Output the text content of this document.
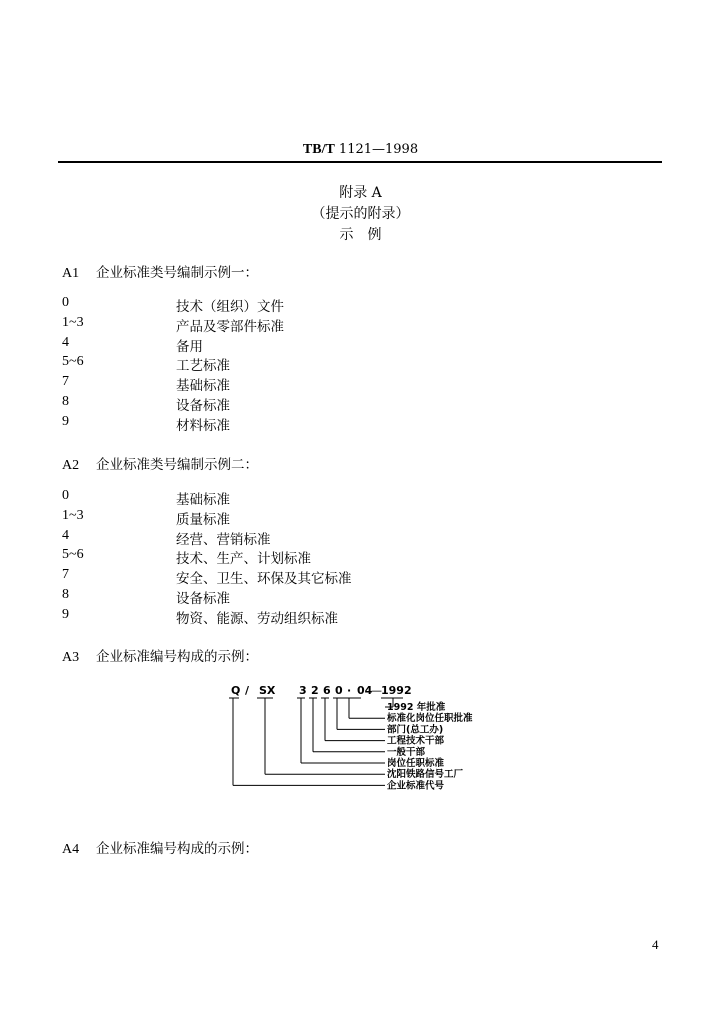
TB/T 1121—1998
附录 A
（提示的附录）
示　例
A1 企业标准类号编制示例一：
0	技术（组织）文件
1~3	产品及零部件标准
4	备用
5~6	工艺标准
7	基础标准
8	设备标准
9	材料标准
A2 企业标准类号编制示例二：
0	基础标准
1~3	质量标准
4	经营、营销标准
5~6	技术、生产、计划标准
7	安全、卫生、环保及其它标准
8	设备标准
9	物资、能源、劳动组织标准
A3 企业标准编号构成的示例：
Q / SX 3 2 6 0 · 04
— 1992
1992 年批准
标准化岗位任职批准
部门(总工办)
工程技术干部
一般干部
岗位任职标准
沈阳铁路信号工厂
企业标准代号
A4 企业标准编号构成的示例：
4
